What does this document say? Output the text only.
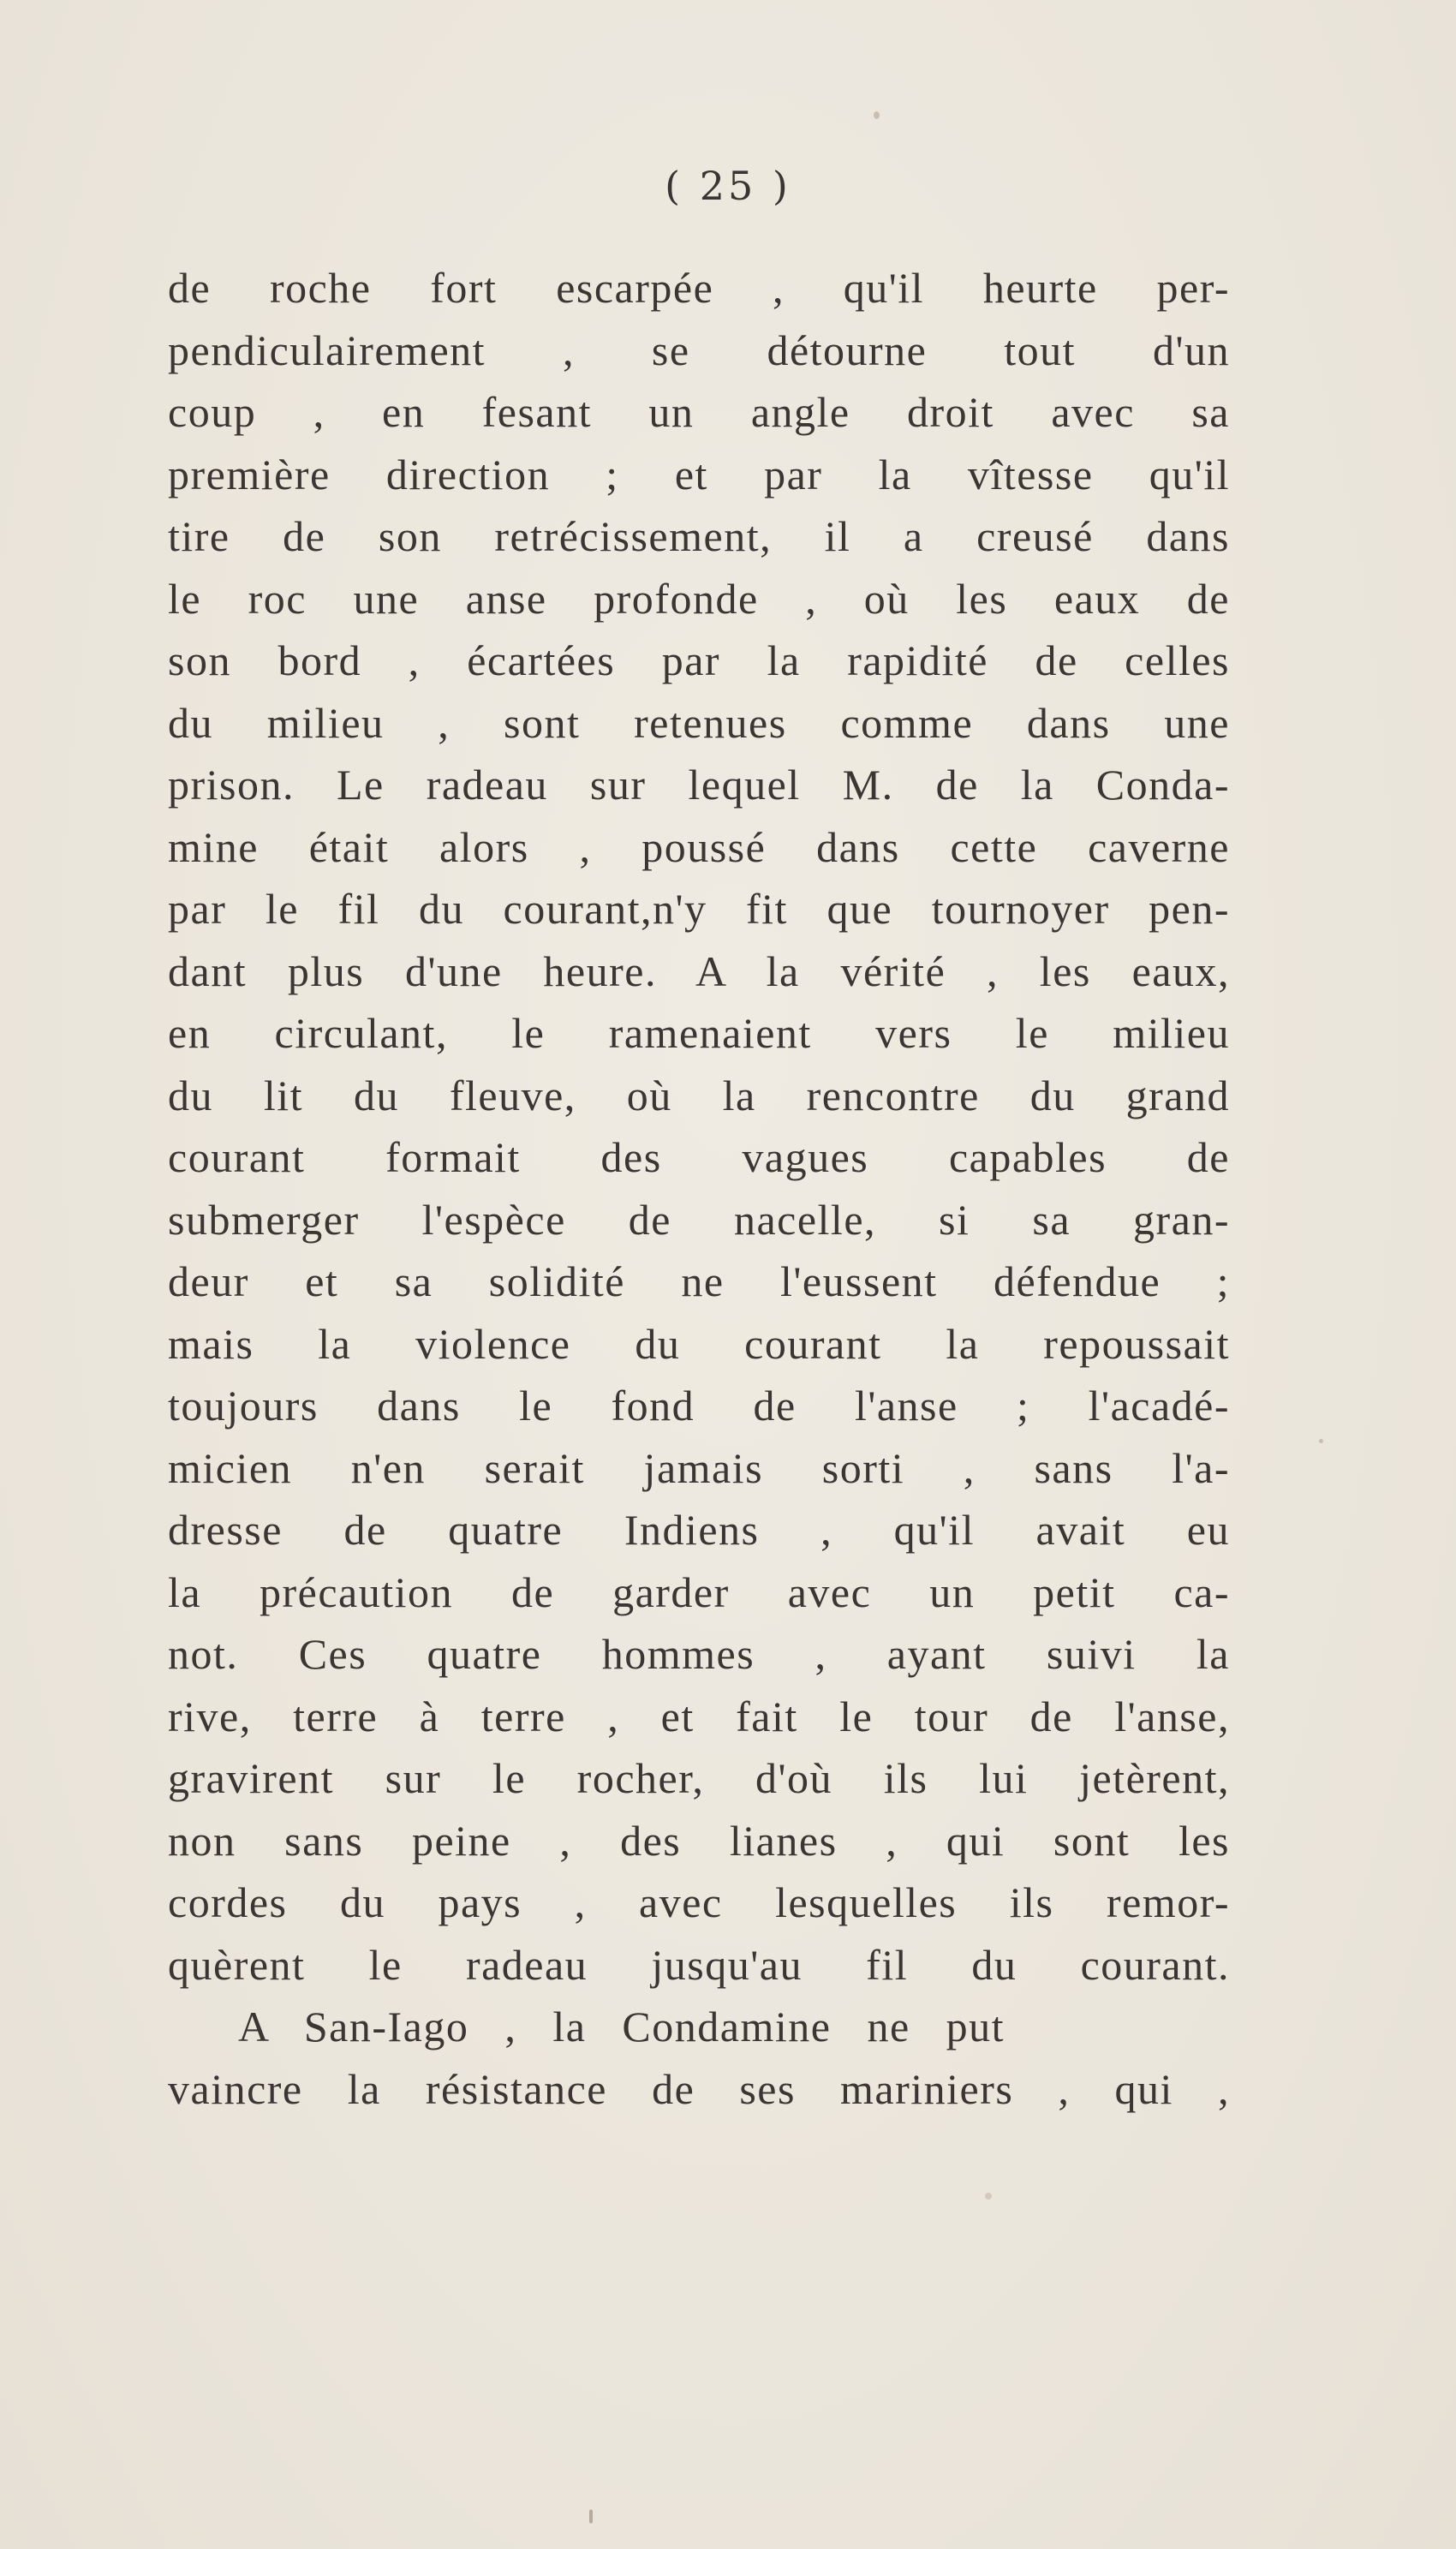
( 25 )
de roche fort escarpée , qu'il heurte per-
pendiculairement , se détourne tout d'un
coup , en fesant un angle droit avec sa
première direction ; et par la vîtesse qu'il
tire de son retrécissement, il a creusé dans
le roc une anse profonde , où les eaux de
son bord , écartées par la rapidité de celles
du milieu , sont retenues comme dans une
prison. Le radeau sur lequel M. de la Conda-
mine était alors , poussé dans cette caverne
par le fil du courant,n'y fit que tournoyer pen-
dant plus d'une heure. A la vérité , les eaux,
en circulant, le ramenaient vers le milieu
du lit du fleuve, où la rencontre du grand
courant formait des vagues capables de
submerger l'espèce de nacelle, si sa gran-
deur et sa solidité ne l'eussent défendue ;
mais la violence du courant la repoussait
toujours dans le fond de l'anse ; l'acadé-
micien n'en serait jamais sorti , sans l'a-
dresse de quatre Indiens , qu'il avait eu
la précaution de garder avec un petit ca-
not. Ces quatre hommes , ayant suivi la
rive, terre à terre , et fait le tour de l'anse,
gravirent sur le rocher, d'où ils lui jetèrent,
non sans peine , des lianes , qui sont les
cordes du pays , avec lesquelles ils remor-
quèrent le radeau jusqu'au fil du courant.
A San-Iago , la Condamine ne put
vaincre la résistance de ses mariniers , qui ,
